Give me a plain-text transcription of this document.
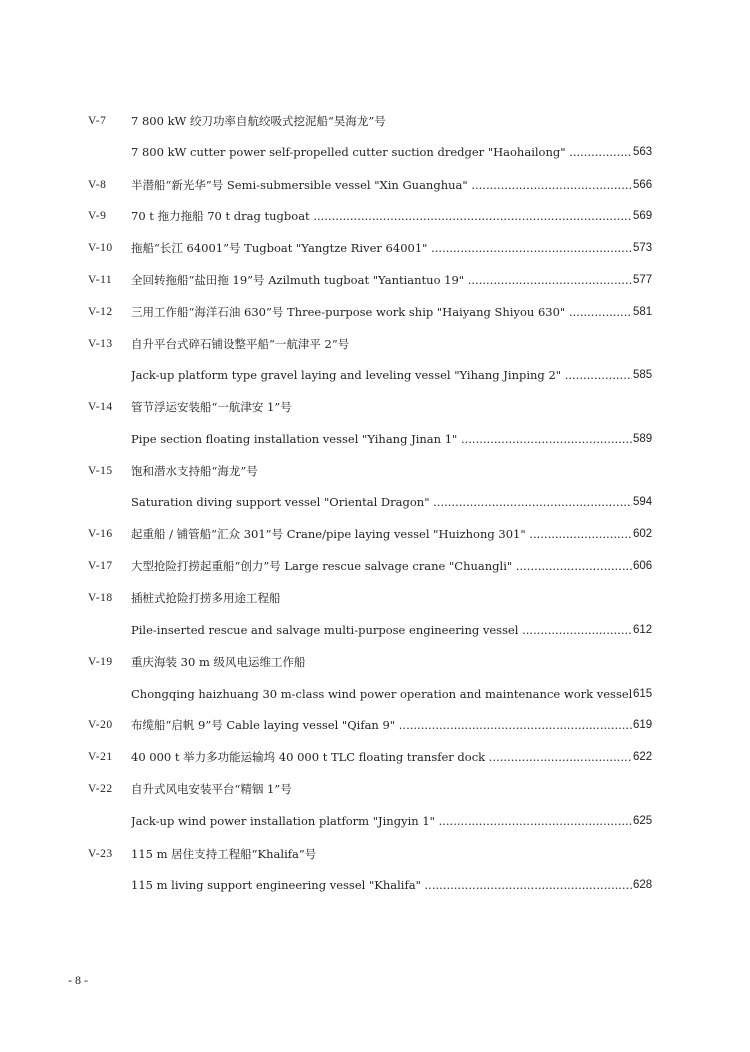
V-7	7 800 kW 绞刀功率自航绞吸式挖泥船“昊海龙”号
7 800 kW cutter power self-propelled cutter suction dredger "Haohailong" .....	563
V-8	半潜船“新光华”号 Semi-submersible vessel "Xin Guanghua" .....	566
V-9	70 t 拖力拖船 70 t drag tugboat .....	569
V-10	拖船“长江 64001”号 Tugboat "Yangtze River 64001" .....	573
V-11	全回转拖船“盐田拖 19”号 Azilmuth tugboat "Yantiantuo 19" .....	577
V-12	三用工作船“海洋石油 630”号 Three-purpose work ship "Haiyang Shiyou 630" .....	581
V-13	自升平台式碎石铺设整平船“一航津平 2”号
Jack-up platform type gravel laying and leveling vessel "Yihang Jinping 2" .....	585
V-14	管节浮运安装船“一航津安 1”号
Pipe section floating installation vessel "Yihang Jinan 1" .....	589
V-15	饱和潜水支持船“海龙”号
Saturation diving support vessel "Oriental Dragon" .....	594
V-16	起重船 / 铺管船“汇众 301”号 Crane/pipe laying vessel "Huizhong 301" .....	602
V-17	大型抢险打捞起重船“创力”号 Large rescue salvage crane "Chuangli" .....	606
V-18	插桩式抢险打捞多用途工程船
Pile-inserted rescue and salvage multi-purpose engineering vessel .....	612
V-19	重庆海装 30 m 级风电运维工作船
Chongqing haizhuang 30 m-class wind power operation and maintenance work vessel ..... 615
V-20	布缆船“启帆 9”号 Cable laying vessel "Qifan 9" .....	619
V-21	40 000 t 举力多功能运输坞 40 000 t TLC floating transfer dock .....	622
V-22	自升式风电安装平台“精铟 1”号
Jack-up wind power installation platform "Jingyin 1" .....	625
V-23	115 m 居住支持工程船“Khalifa”号
115 m living support engineering vessel "Khalifa" .....	628
- 8 -
